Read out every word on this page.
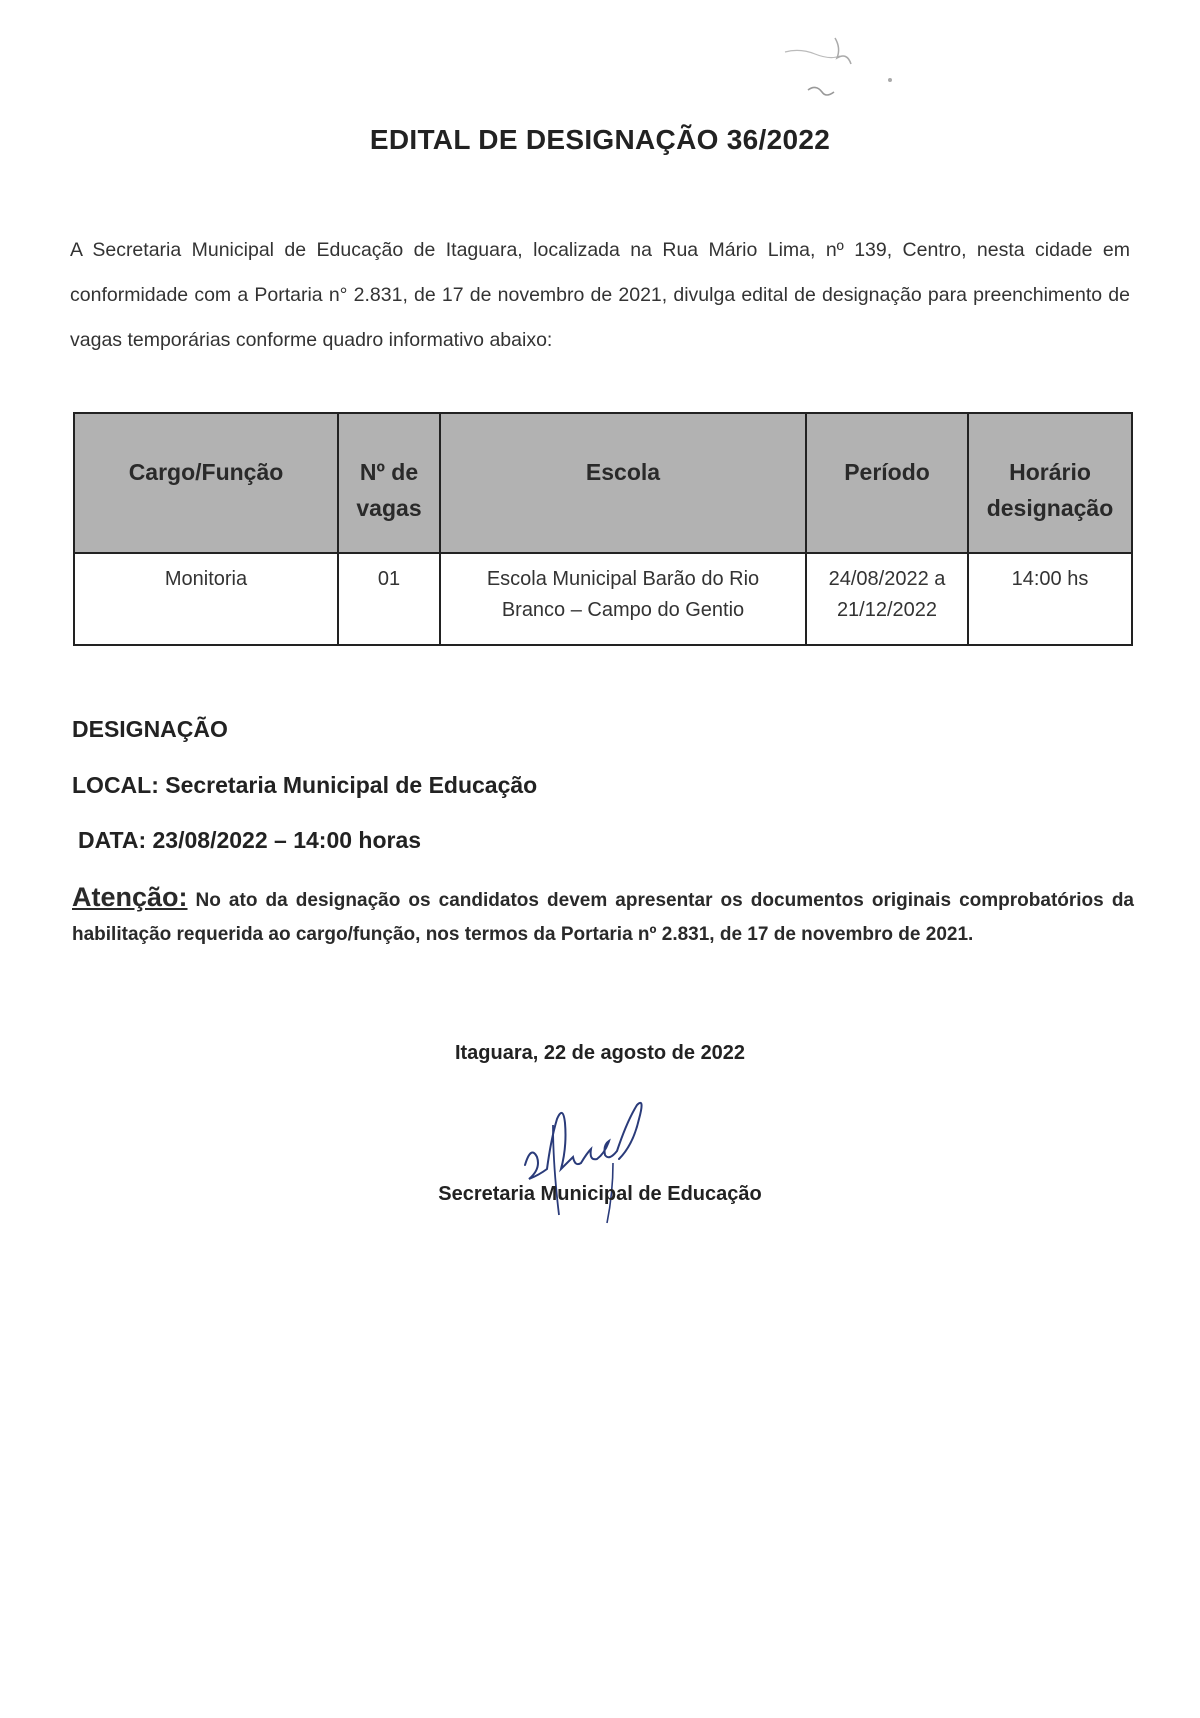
EDITAL DE DESIGNAÇÃO 36/2022
A Secretaria Municipal de Educação de Itaguara, localizada na Rua Mário Lima, nº 139, Centro, nesta cidade em conformidade com a Portaria n° 2.831, de 17 de novembro de 2021, divulga edital de designação para preenchimento de vagas temporárias conforme quadro informativo abaixo:
Cargo/Função	Nº de vagas	Escola	Período	Horário designação
Monitoria	01	Escola Municipal Barão do Rio Branco – Campo do Gentio	24/08/2022 a 21/12/2022	14:00 hs
DESIGNAÇÃO
LOCAL: Secretaria Municipal de Educação
DATA: 23/08/2022 – 14:00 horas
Atenção: No ato da designação os candidatos devem apresentar os documentos originais comprobatórios da habilitação requerida ao cargo/função, nos termos da Portaria nº 2.831, de 17 de novembro de 2021.
Itaguara, 22 de agosto de 2022
Secretaria Municipal de Educação
